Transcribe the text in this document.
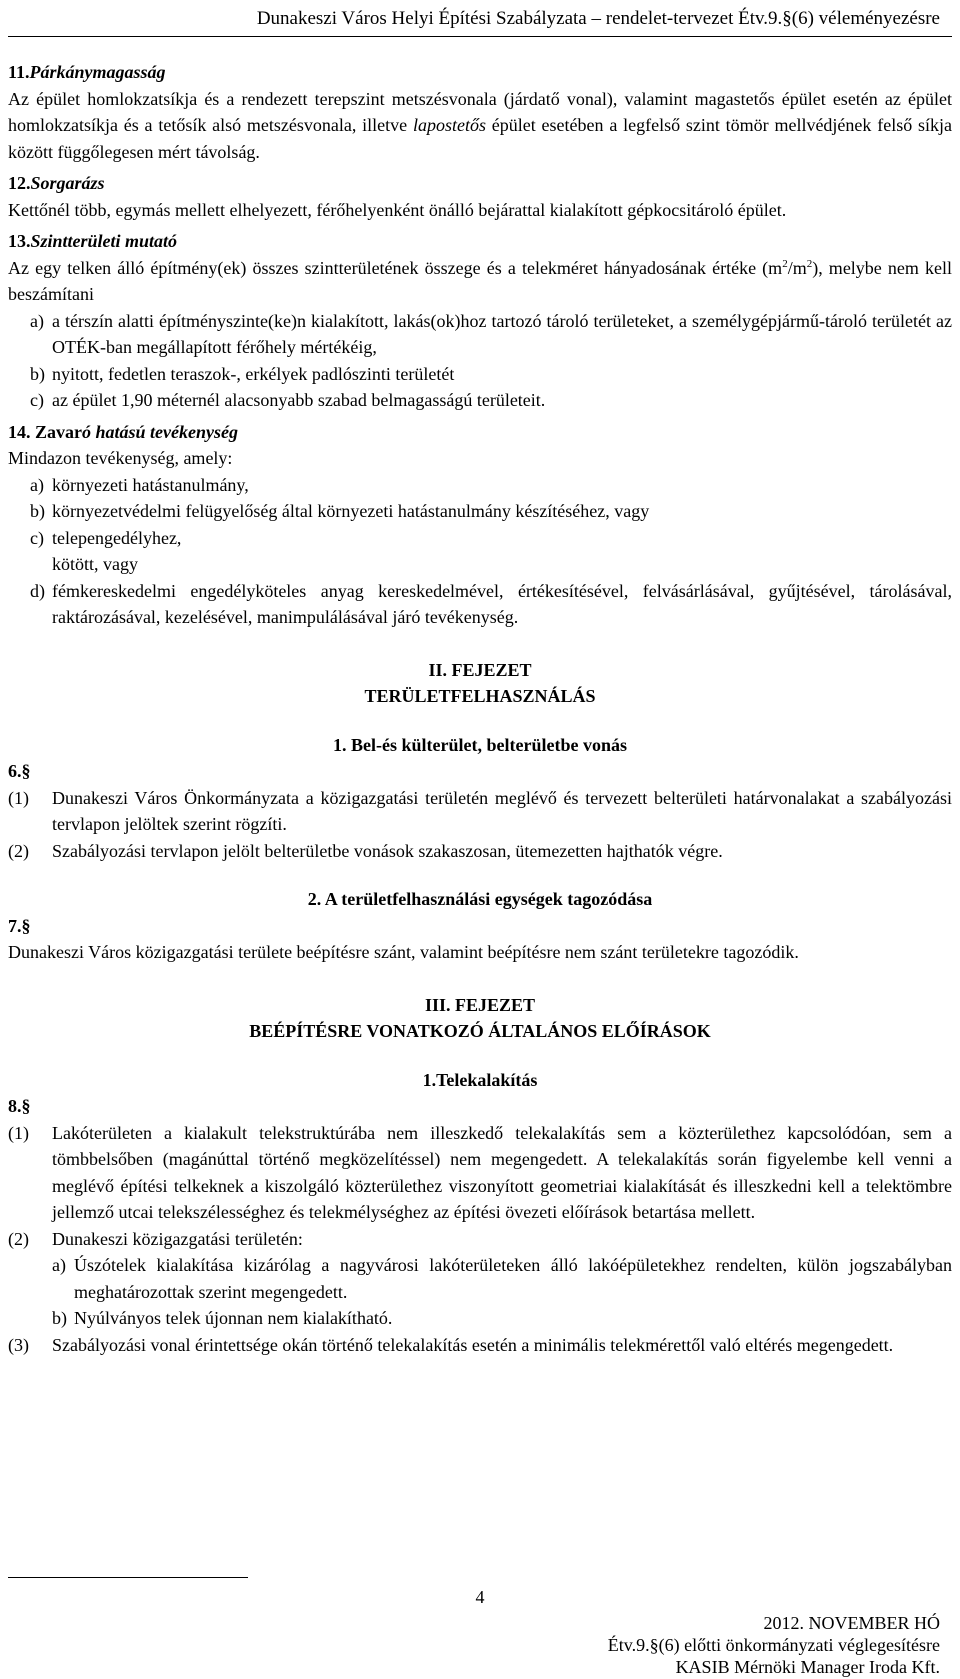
Dunakeszi Város Helyi Építési Szabályzata – rendelet-tervezet Étv.9.§(6) véleményezésre

11.Párkánymagasság

Az épület homlokzatsíkja és a rendezett terepszint metszésvonala (járdatő vonal), valamint magastetős épület esetén az épület homlokzatsíkja és a tetősík alsó metszésvonala, illetve lapostetős épület esetében a legfelső szint tömör mellvédjének felső síkja között függőlegesen mért távolság.

12.Sorgarázs

Kettőnél több, egymás mellett elhelyezett, férőhelyenként önálló bejárattal kialakított gépkocsitároló épület.

13.Szintterületi mutató

Az egy telken álló építmény(ek) összes szintterületének összege és a telekméret hányadosának értéke $(m^2/m^2)$, melybe nem kell beszámítani

a) a térszín alatti építményszinte(ke)n kialakított, lakás(ok)hoz tartozó tároló területeket, a személygépjármű-tároló területét az OTÉK-ban megállapított férőhely mértékéig,
b) nyitott, fedetlen teraszok-, erkélyek padlószinti területét
c) az épület 1,90 méternél alacsonyabb szabad belmagasságú területeit.

14. Zavaró hatású tevékenység

Mindazon tevékenység, amely:

a) környezeti hatástanulmány,
b) környezetvédelmi felügyelőség által környezeti hatástanulmány készítéséhez, vagy
c) telepengedélyhez,

kötött, vagy

d) fémkereskedelmi engedélyköteles anyag kereskedelmével, értékesítésével, felvásárlásával, gyűjtésével, tárolásával, raktározásával, kezelésével, manimpulálásával járó tevékenység.

II. FEJEZET

TERÜLETFELHASZNÁLÁS

1. Bel-és külterület, belterületbe vonás

6.§

(1)	Dunakeszi Város Önkormányzata a közigazgatási területén meglévő és tervezett belterületi határvonalakat a szabályozási tervlapon jelöltek szerint rögzíti.
(2)	Szabályozási tervlapon jelölt belterületbe vonások szakaszosan, ütemezetten hajthatók végre.

2. A területfelhasználási egységek tagozódása

7.§

Dunakeszi Város közigazgatási területe beépítésre szánt, valamint beépítésre nem szánt területekre tagozódik.

III. FEJEZET

BEÉPÍTÉSRE VONATKOZÓ ÁLTALÁNOS ELŐÍRÁSOK

1.Telekalakítás

8.§

(1)	Lakóterületen a kialakult telekstruktúrába nem illeszkedő telekalakítás sem a közterülethez kapcsolódóan, sem a tömbbelsőben (magánúttal történő megközelítéssel) nem megengedett. A telekalakítás során figyelembe kell venni a meglévő építési telkeknek a kiszolgáló közterülethez viszonyított geometriai kialakítását és illeszkedni kell a telektömbre jellemző utcai telekszélességhez és telekmélységhez az építési övezeti előírások betartása mellett.
(2)	Dunakeszi közigazgatási területén:
a) Úszótelek kialakítása kizárólag a nagyvárosi lakóterületeken álló lakóépületekhez rendelten, külön jogszabályban meghatározottak szerint megengedett.
b) Nyúlványos telek újonnan nem kialakítható.
(3)	Szabályozási vonal érintettsége okán történő telekalakítás esetén a minimális telekmérettől való eltérés megengedett.
4
2012. NOVEMBER HÓ
Étv.9.§(6) előtti önkormányzati véglegesítésre
KASIB Mérnöki Manager Iroda Kft.
